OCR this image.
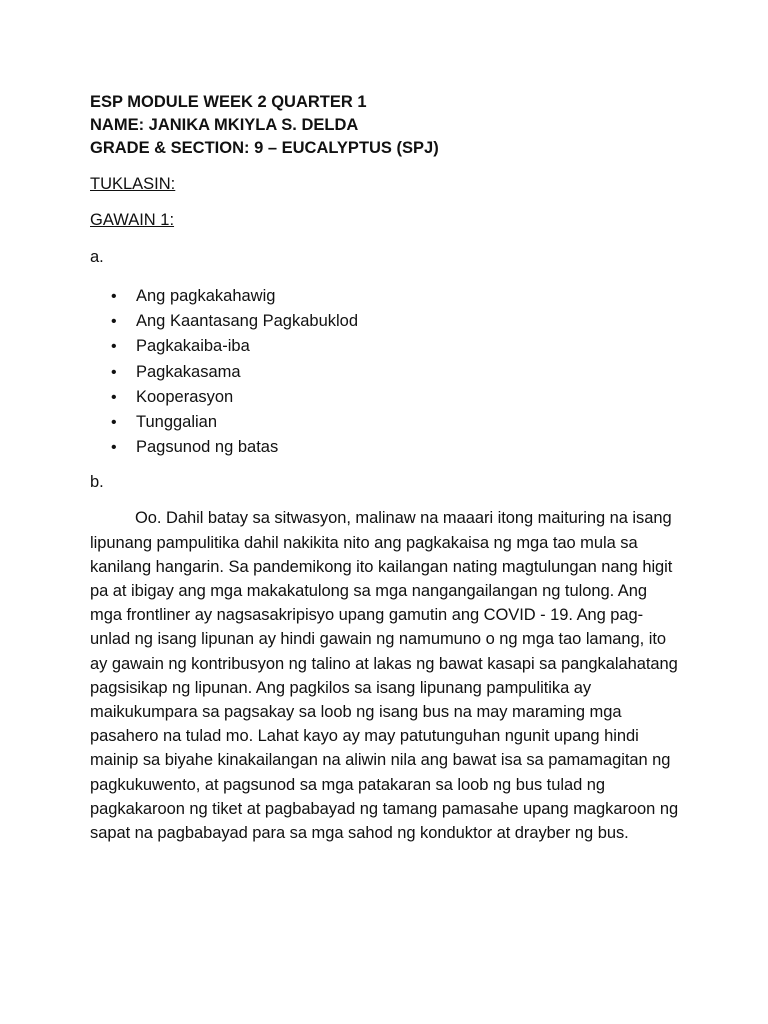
ESP MODULE WEEK 2 QUARTER 1

NAME: JANIKA MKIYLA S. DELDA

GRADE & SECTION: 9 – EUCALYPTUS (SPJ)

TUKLASIN:

GAWAIN 1:

a.

• Ang pagkakahawig
• Ang Kaantasang Pagkabuklod
• Pagkakaiba-iba
• Pagkakasama
• Kooperasyon
• Tunggalian
• Pagsunod ng batas

b.

Oo. Dahil batay sa sitwasyon, malinaw na maaari itong maituring na isang lipunang pampulitika dahil nakikita nito ang pagkakaisa ng mga tao mula sa kanilang hangarin. Sa pandemikong ito kailangan nating magtulungan nang higit pa at ibigay ang mga makakatulong sa mga nangangailangan ng tulong. Ang mga frontliner ay nagsasakripisyo upang gamutin ang COVID - 19. Ang pag-unlad ng isang lipunan ay hindi gawain ng namumuno o ng mga tao lamang, ito ay gawain ng kontribusyon ng talino at lakas ng bawat kasapi sa pangkalahatang pagsisikap ng lipunan. Ang pagkilos sa isang lipunang pampulitika ay maikukumpara sa pagsakay sa loob ng isang bus na may maraming mga pasahero na tulad mo. Lahat kayo ay may patutunguhan ngunit upang hindi mainip sa biyahe kinakailangan na aliwin nila ang bawat isa sa pamamagitan ng pagkukuwento, at pagsunod sa mga patakaran sa loob ng bus tulad ng pagkakaroon ng tiket at pagbabayad ng tamang pamasahe upang magkaroon ng sapat na pagbabayad para sa mga sahod ng konduktor at drayber ng bus.
